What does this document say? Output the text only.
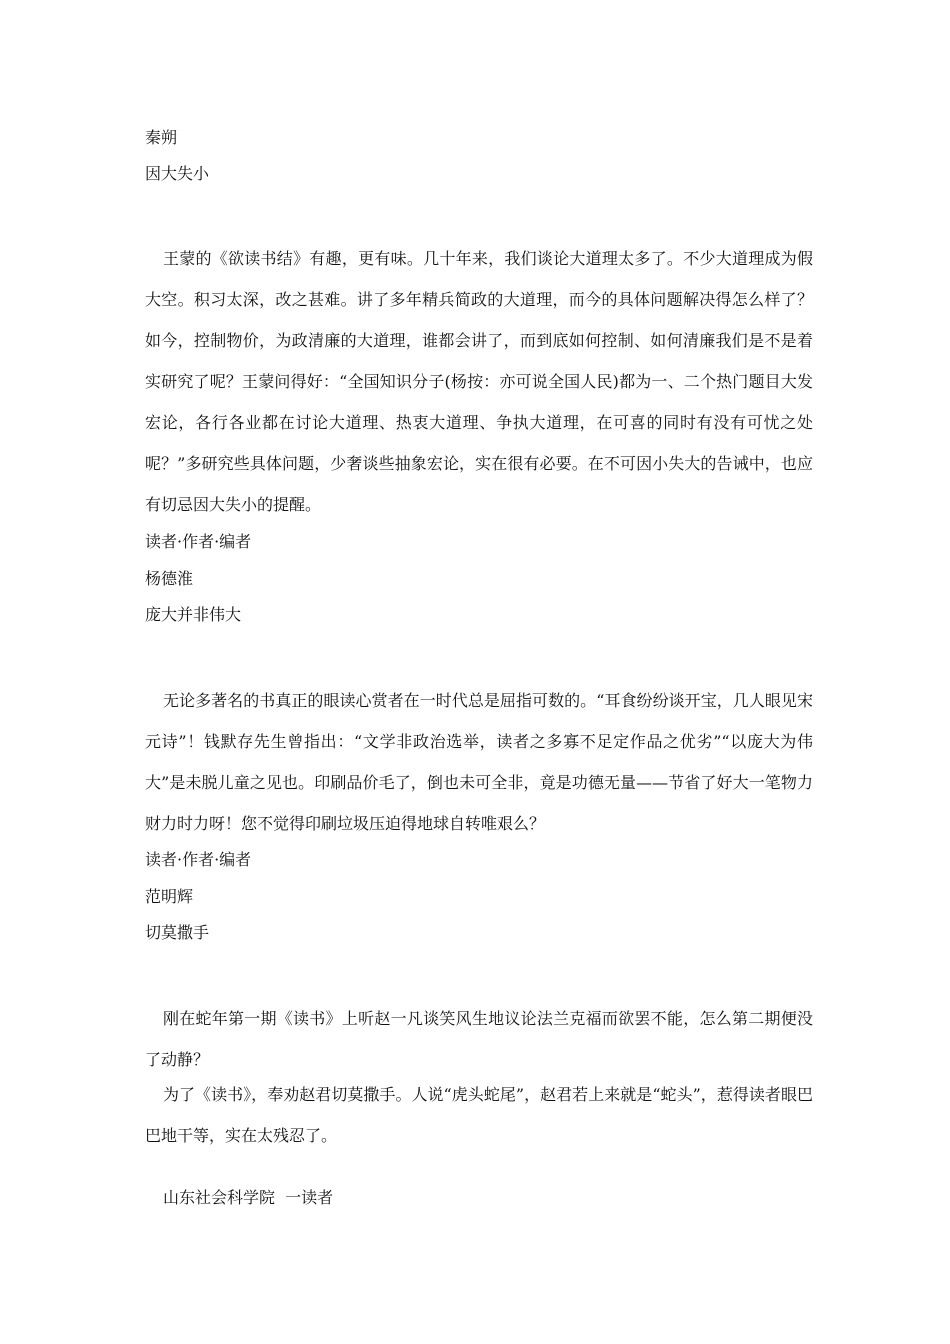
秦朔
因大失小

王蒙的《欲读书结》有趣，更有味。几十年来，我们谈论大道理太多了。不少大道理成为假大空。积习太深，改之甚难。讲了多年精兵简政的大道理，而今的具体问题解决得怎么样了？如今，控制物价，为政清廉的大道理，谁都会讲了，而到底如何控制、如何清廉我们是不是着实研究了呢？王蒙问得好：“全国知识分子(杨按：亦可说全国人民)都为一、二个热门题目大发宏论，各行各业都在讨论大道理、热衷大道理、争执大道理，在可喜的同时有没有可忧之处呢？”多研究些具体问题，少奢谈些抽象宏论，实在很有必要。在不可因小失大的告诫中，也应有切忌因大失小的提醒。

读者·作者·编者
杨德淮
庞大并非伟大

无论多著名的书真正的眼读心赏者在一时代总是屈指可数的。“耳食纷纷谈开宝，几人眼见宋元诗”！钱默存先生曾指出：“文学非政治选举，读者之多寡不足定作品之优劣”“以庞大为伟大”是未脱儿童之见也。印刷品价毛了，倒也未可全非，竟是功德无量——节省了好大一笔物力财力时力呀！您不觉得印刷垃圾压迫得地球自转唯艰么？

读者·作者·编者
范明辉
切莫撒手

刚在蛇年第一期《读书》上听赵一凡谈笑风生地议论法兰克福而欲罢不能，怎么第二期便没了动静？

为了《读书》，奉劝赵君切莫撒手。人说“虎头蛇尾”，赵君若上来就是“蛇头”，惹得读者眼巴巴地干等，实在太残忍了。

山东社会科学院  一读者
